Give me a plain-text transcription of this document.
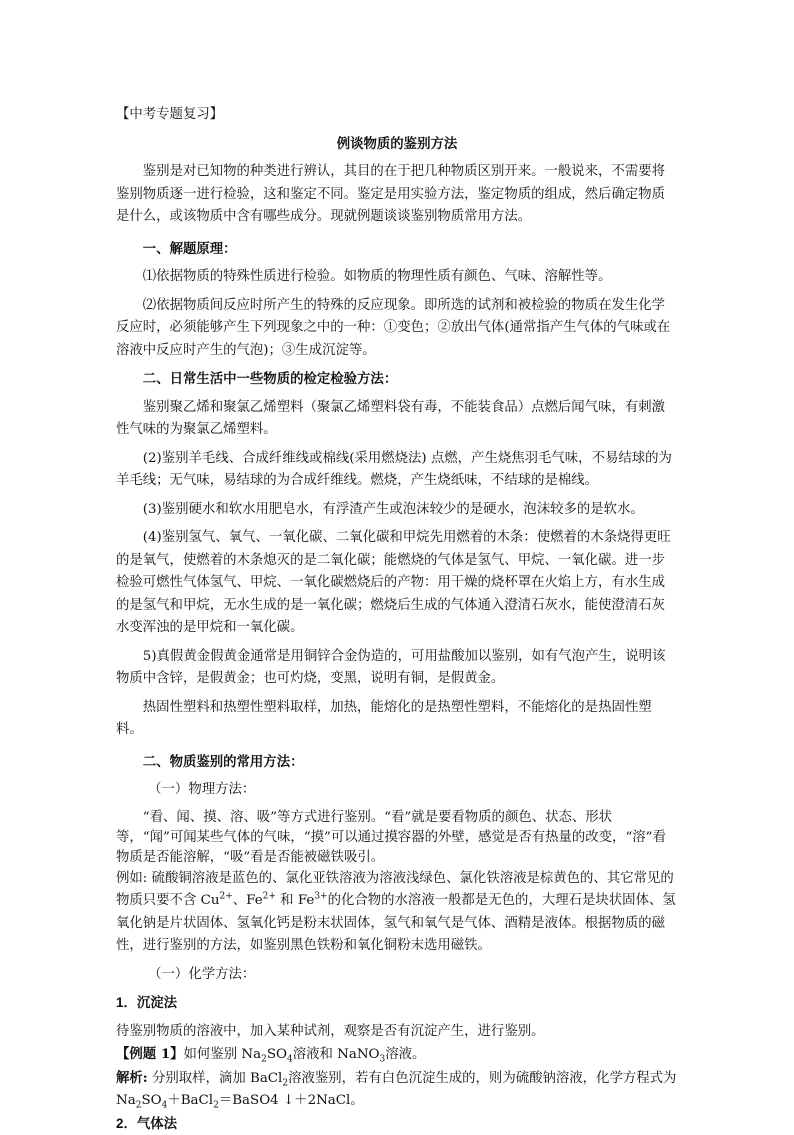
【中考专题复习】

例谈物质的鉴别方法

鉴别是对已知物的种类进行辨认，其目的在于把几种物质区别开来。一般说来，不需要将鉴别物质逐一进行检验，这和鉴定不同。鉴定是用实验方法，鉴定物质的组成，然后确定物质是什么，或该物质中含有哪些成分。现就例题谈谈鉴别物质常用方法。

一、解题原理：

⑴依据物质的特殊性质进行检验。如物质的物理性质有颜色、气味、溶解性等。

⑵依据物质间反应时所产生的特殊的反应现象。即所选的试剂和被检验的物质在发生化学反应时，必须能够产生下列现象之中的一种：①变色；②放出气体(通常指产生气体的气味或在溶液中反应时产生的气泡)；③生成沉淀等。

二、日常生活中一些物质的检定检验方法：

鉴别聚乙烯和聚氯乙烯塑料（聚氯乙烯塑料袋有毒，不能装食品）点燃后闻气味，有刺激性气味的为聚氯乙烯塑料。

(2)鉴别羊毛线、合成纤维线或棉线(采用燃烧法) 点燃，产生烧焦羽毛气味，不易结球的为羊毛线；无气味，易结球的为合成纤维线。燃烧，产生烧纸味，不结球的是棉线。

(3)鉴别硬水和软水用肥皂水，有浮渣产生或泡沫较少的是硬水，泡沫较多的是软水。

(4)鉴别氢气、氧气、一氧化碳、二氧化碳和甲烷先用燃着的木条：使燃着的木条烧得更旺的是氧气，使燃着的木条熄灭的是二氧化碳；能燃烧的气体是氢气、甲烷、一氧化碳。进一步检验可燃性气体氢气、甲烷、一氧化碳燃烧后的产物：用干燥的烧杯罩在火焰上方，有水生成的是氢气和甲烷，无水生成的是一氧化碳；燃烧后生成的气体通入澄清石灰水，能使澄清石灰水变浑浊的是甲烷和一氧化碳。

5)真假黄金假黄金通常是用铜锌合金伪造的，可用盐酸加以鉴别，如有气泡产生，说明该物质中含锌，是假黄金；也可灼烧，变黑，说明有铜，是假黄金。

热固性塑料和热塑性塑料取样，加热，能熔化的是热塑性塑料，不能熔化的是热固性塑料。

二、物质鉴别的常用方法：

（一）物理方法：

“看、闻、摸、溶、吸”等方式进行鉴别。“看”就是要看物质的颜色、状态、形状等，“闻”可闻某些气体的气味，“摸”可以通过摸容器的外壁，感觉是否有热量的改变，“溶”看物质是否能溶解，“吸”看是否能被磁铁吸引。

例如: 硫酸铜溶液是蓝色的、氯化亚铁溶液为溶液浅绿色、氯化铁溶液是棕黄色的、其它常见的物质只要不含 $Cu^{2+}$、$Fe^{2+}$ 和 $Fe^{3+}$的化合物的水溶液一般都是无色的，大理石是块状固体、氢氧化钠是片状固体、氢氧化钙是粉末状固体，氢气和氧气是气体、酒精是液体。根据物质的磁性，进行鉴别的方法，如鉴别黑色铁粉和氧化铜粉末选用磁铁。

（一）化学方法：

1．沉淀法

待鉴别物质的溶液中，加入某种试剂，观察是否有沉淀产生，进行鉴别。

【例题 1】如何鉴别 $Na_2SO_4$溶液和 NaNO$_3$溶液。

解析: 分别取样，滴加 BaCl$_2$溶液鉴别，若有白色沉淀生成的，则为硫酸钠溶液，化学方程式为 $Na_2SO_4+BaCl_2=BaSO4$ ↓＋2NaCl。

2．气体法
